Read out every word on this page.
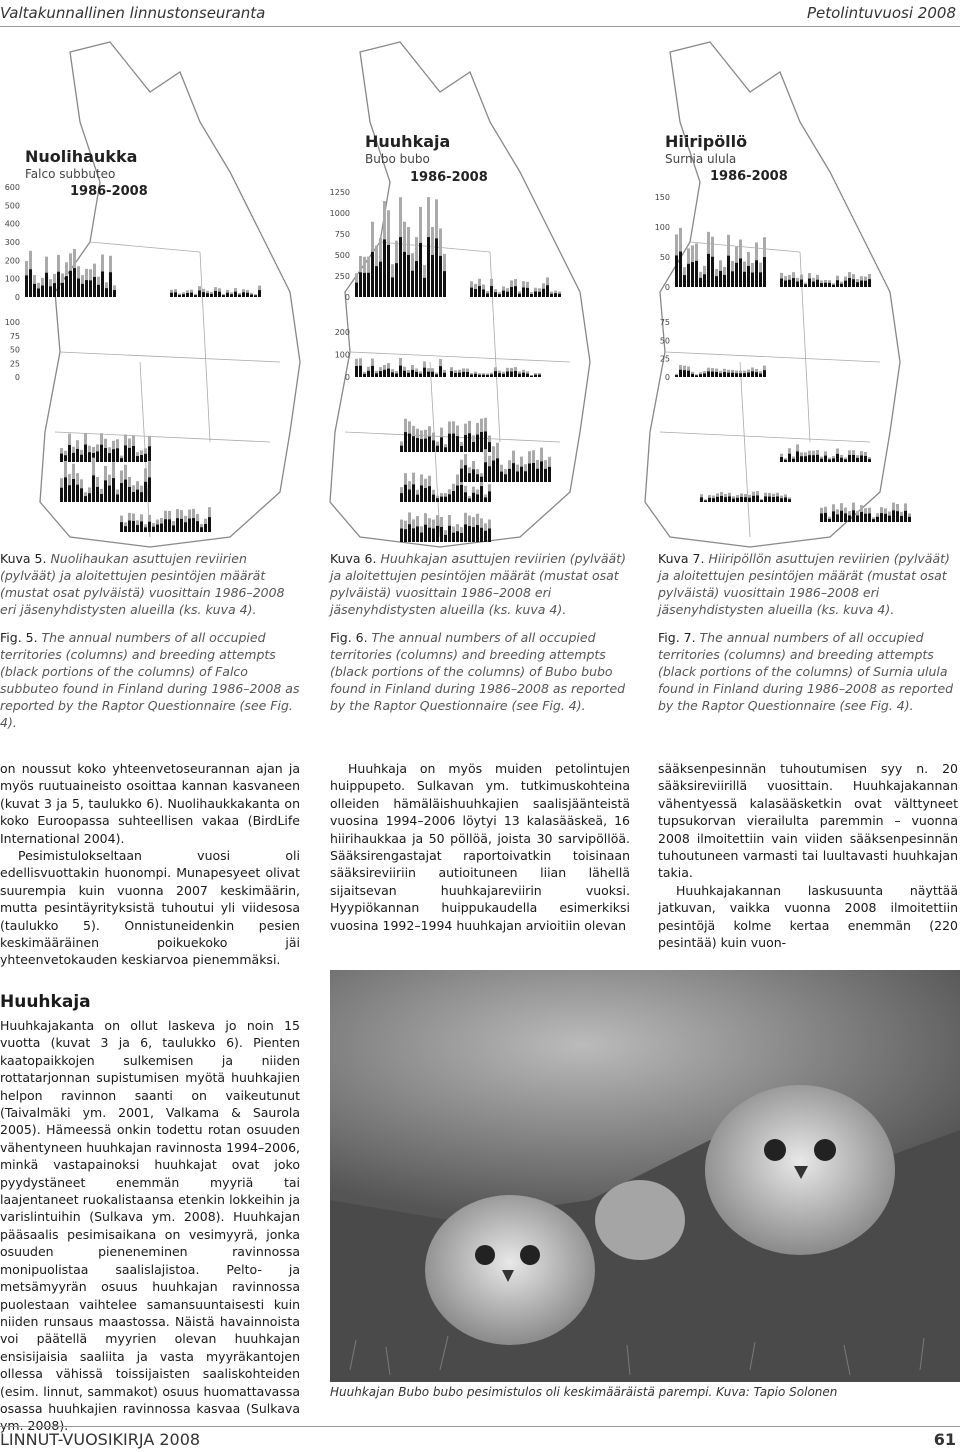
Valtakunnallinen linnustonseuranta	Petolintuvuosi 2008
Nuolihaukka
Falco subbuteo
1986-2008
600
500
400
300
200
100
0
100
75
50
25
0
Huuhkaja
Bubo bubo
1986-2008
1250
1000
750
500
250
0
200
100
0
Hiiripöllö
Surnia ulula
1986-2008
150
100
50
0
75
50
25
0

Kuva 5. Nuolihaukan asuttujen reviirien (pylväät) ja aloitettujen pesintöjen määrät (mustat osat pylväistä) vuosittain 1986–2008 eri jäsenyhdistysten alueilla (ks. kuva 4).

Fig. 5. The annual numbers of all occupied territories (columns) and breeding attempts (black portions of the columns) of Falco subbuteo found in Finland during 1986–2008 as reported by the Raptor Questionnaire (see Fig. 4).

Kuva 6. Huuhkajan asuttujen reviirien (pylväät) ja aloitettujen pesintöjen määrät (mustat osat pylväistä) vuosittain 1986–2008 eri jäsenyhdistysten alueilla (ks. kuva 4).

Fig. 6. The annual numbers of all occupied territories (columns) and breeding attempts (black portions of the columns) of Bubo bubo found in Finland during 1986–2008 as reported by the Raptor Questionnaire (see Fig. 4).

Kuva 7. Hiiripöllön asuttujen reviirien (pylväät) ja aloitettujen pesintöjen määrät (mustat osat pylväistä) vuosittain 1986–2008 eri jäsenyhdistysten alueilla (ks. kuva 4).

Fig. 7. The annual numbers of all occupied territories (columns) and breeding attempts (black portions of the columns) of Surnia ulula found in Finland during 1986–2008 as reported by the Raptor Questionnaire (see Fig. 4).

on noussut koko yhteenvetoseurannan ajan ja myös ruutuaineisto osoittaa kannan kasvaneen (kuvat 3 ja 5, taulukko 6). Nuolihaukkakanta on koko Euroopassa suhteellisen vakaa (BirdLife International 2004).

Pesimistulokseltaan vuosi oli edellisvuottakin huonompi. Munapesyeet olivat suurempia kuin vuonna 2007 keskimäärin, mutta pesintäyrityksistä tuhoutui yli viidesosa (taulukko 5). Onnistuneidenkin pesien keskimääräinen poikuekoko jäi yhteenvetokauden keskiarvoa pienemmäksi.

Huuhkaja

Huuhkajakanta on ollut laskeva jo noin 15 vuotta (kuvat 3 ja 6, taulukko 6). Pienten kaatopaikkojen sulkemisen ja niiden rottatarjonnan supistumisen myötä huuhkajien helpon ravinnon saanti on vaikeutunut (Taivalmäki ym. 2001, Valkama & Saurola 2005). Hämeessä onkin todettu rotan osuuden vähentyneen huuhkajan ravinnosta 1994–2006, minkä vastapainoksi huuhkajat ovat joko pyydystäneet enemmän myyriä tai laajentaneet ruokalistaansa etenkin lokkeihin ja varislintuihin (Sulkava ym. 2008). Huuhkajan pääsaalis pesimisaikana on vesimyyrä, jonka osuuden pieneneminen ravinnossa monipuolistaa saalislajistoa. Pelto- ja metsämyyrän osuus huuhkajan ravinnossa puolestaan vaihtelee samansuuntaisesti kuin niiden runsaus maastossa. Näistä havainnoista voi päätellä myyrien olevan huuhkajan ensisijaisia saaliita ja vasta myyräkantojen ollessa vähissä toissijaisten saaliskohteiden (esim. linnut, sammakot) osuus huomattavassa osassa huuhkajien ravinnossa kasvaa (Sulkava ym. 2008).

Huuhkaja on myös muiden petolintujen huippupeto. Sulkavan ym. tutkimuskohteina olleiden hämäläishuuhkajien saalisjäänteistä vuosina 1994–2006 löytyi 13 kalasääskeä, 16 hiirihaukkaa ja 50 pöllöä, joista 30 sarvipöllöä. Sääksirengastajat raportoivatkin toisinaan sääksireviiriin autioituneen liian lähellä sijaitsevan huuhkajareviirin vuoksi. Hyypiökannan huippukaudella esimerkiksi vuosina 1992–1994 huuhkajan arvioitiin olevan

sääksenpesinnän tuhoutumisen syy n. 20 sääksireviirillä vuosittain. Huuhkajakannan vähentyessä kalasääsketkin ovat välttyneet tupsukorvan vierailulta paremmin – vuonna 2008 ilmoitettiin vain viiden sääksenpesinnän tuhoutuneen varmasti tai luultavasti huuhkajan takia.

Huuhkajakannan laskusuunta näyttää jatkuvan, vaikka vuonna 2008 ilmoitettiin pesintöjä kolme kertaa enemmän (220 pesintää) kuin vuon-

Huuhkajan Bubo bubo pesimistulos oli keskimääräistä parempi. Kuva: Tapio Solonen
LINNUT-VUOSIKIRJA 2008	61
